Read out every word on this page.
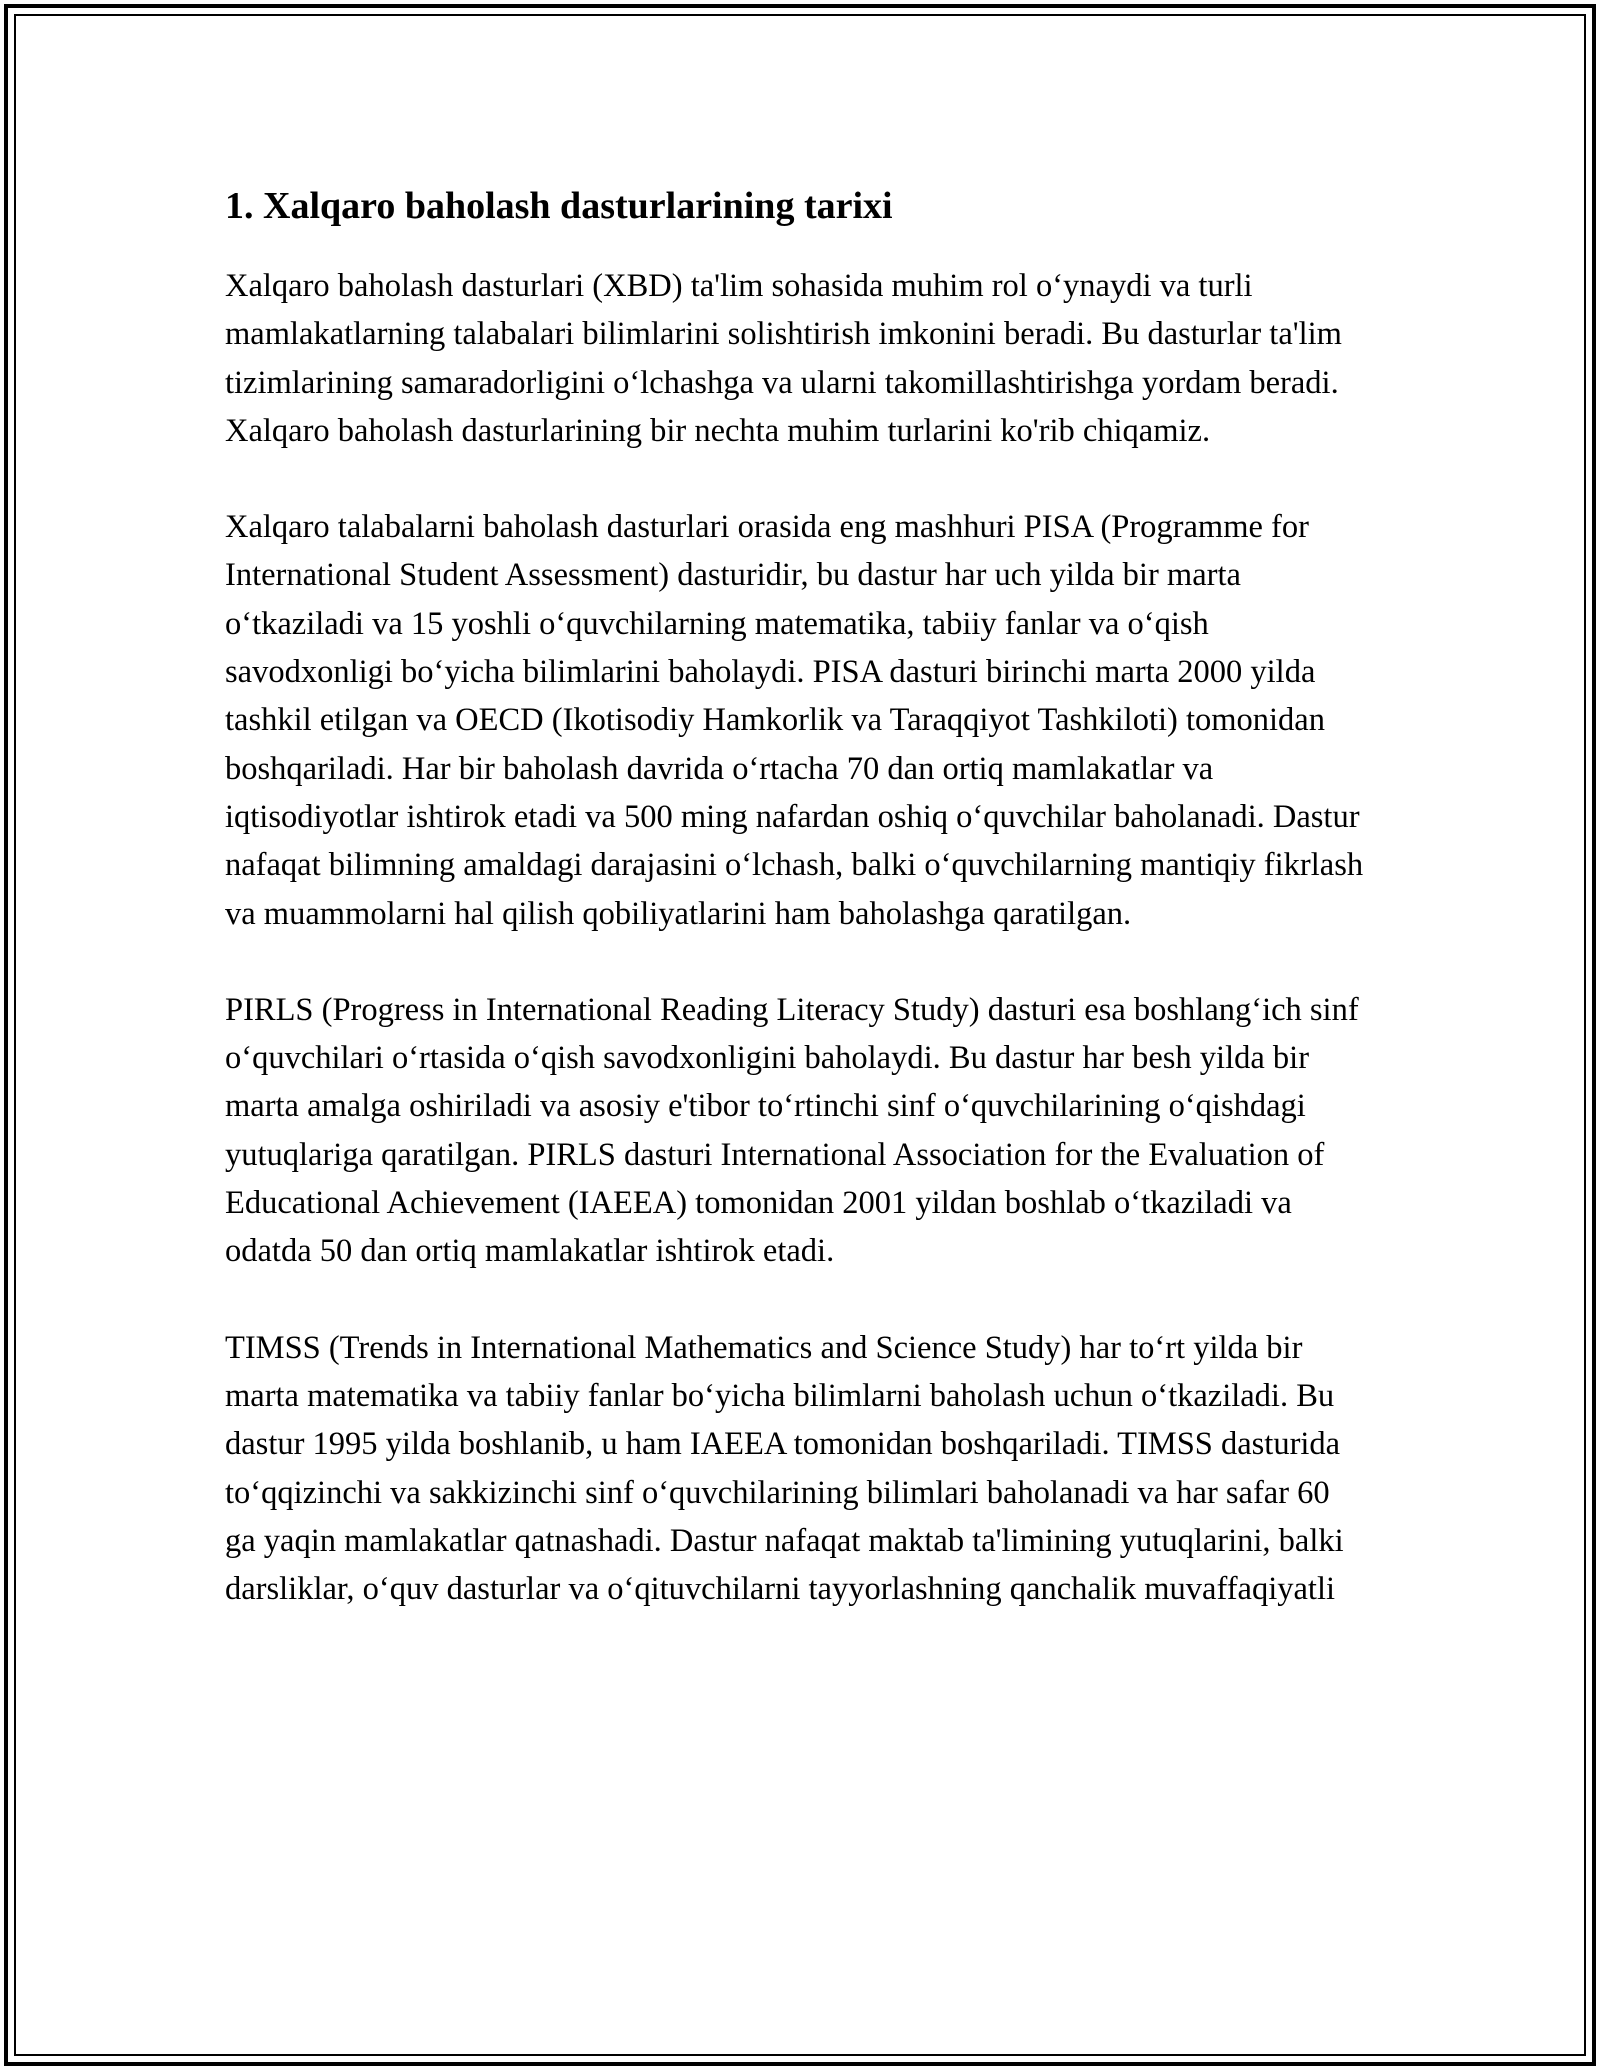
1. Xalqaro baholash dasturlarining tarixi

Xalqaro baholash dasturlari (XBD) ta'lim sohasida muhim rol o‘ynaydi va turli mamlakatlarning talabalari bilimlarini solishtirish imkonini beradi. Bu dasturlar ta'lim tizimlarining samaradorligini o‘lchashga va ularni takomillashtirishga yordam beradi. Xalqaro baholash dasturlarining bir nechta muhim turlarini ko'rib chiqamiz.

Xalqaro talabalarni baholash dasturlari orasida eng mashhuri PISA (Programme for International Student Assessment) dasturidir, bu dastur har uch yilda bir marta o‘tkaziladi va 15 yoshli o‘quvchilarning matematika, tabiiy fanlar va o‘qish savodxonligi bo‘yicha bilimlarini baholaydi. PISA dasturi birinchi marta 2000 yilda tashkil etilgan va OECD (Ikotisodiy Hamkorlik va Taraqqiyot Tashkiloti) tomonidan boshqariladi. Har bir baholash davrida o‘rtacha 70 dan ortiq mamlakatlar va iqtisodiyotlar ishtirok etadi va 500 ming nafardan oshiq o‘quvchilar baholanadi. Dastur nafaqat bilimning amaldagi darajasini o‘lchash, balki o‘quvchilarning mantiqiy fikrlash va muammolarni hal qilish qobiliyatlarini ham baholashga qaratilgan.

PIRLS (Progress in International Reading Literacy Study) dasturi esa boshlang‘ich sinf o‘quvchilari o‘rtasida o‘qish savodxonligini baholaydi. Bu dastur har besh yilda bir marta amalga oshiriladi va asosiy e'tibor to‘rtinchi sinf o‘quvchilarining o‘qishdagi yutuqlariga qaratilgan. PIRLS dasturi International Association for the Evaluation of Educational Achievement (IAEEA) tomonidan 2001 yildan boshlab o‘tkaziladi va odatda 50 dan ortiq mamlakatlar ishtirok etadi.

TIMSS (Trends in International Mathematics and Science Study) har to‘rt yilda bir marta matematika va tabiiy fanlar bo‘yicha bilimlarni baholash uchun o‘tkaziladi. Bu dastur 1995 yilda boshlanib, u ham IAEEA tomonidan boshqariladi. TIMSS dasturida to‘qqizinchi va sakkizinchi sinf o‘quvchilarining bilimlari baholanadi va har safar 60 ga yaqin mamlakatlar qatnashadi. Dastur nafaqat maktab ta'limining yutuqlarini, balki darsliklar, o‘quv dasturlar va o‘qituvchilarni tayyorlashning qanchalik muvaffaqiyatli
